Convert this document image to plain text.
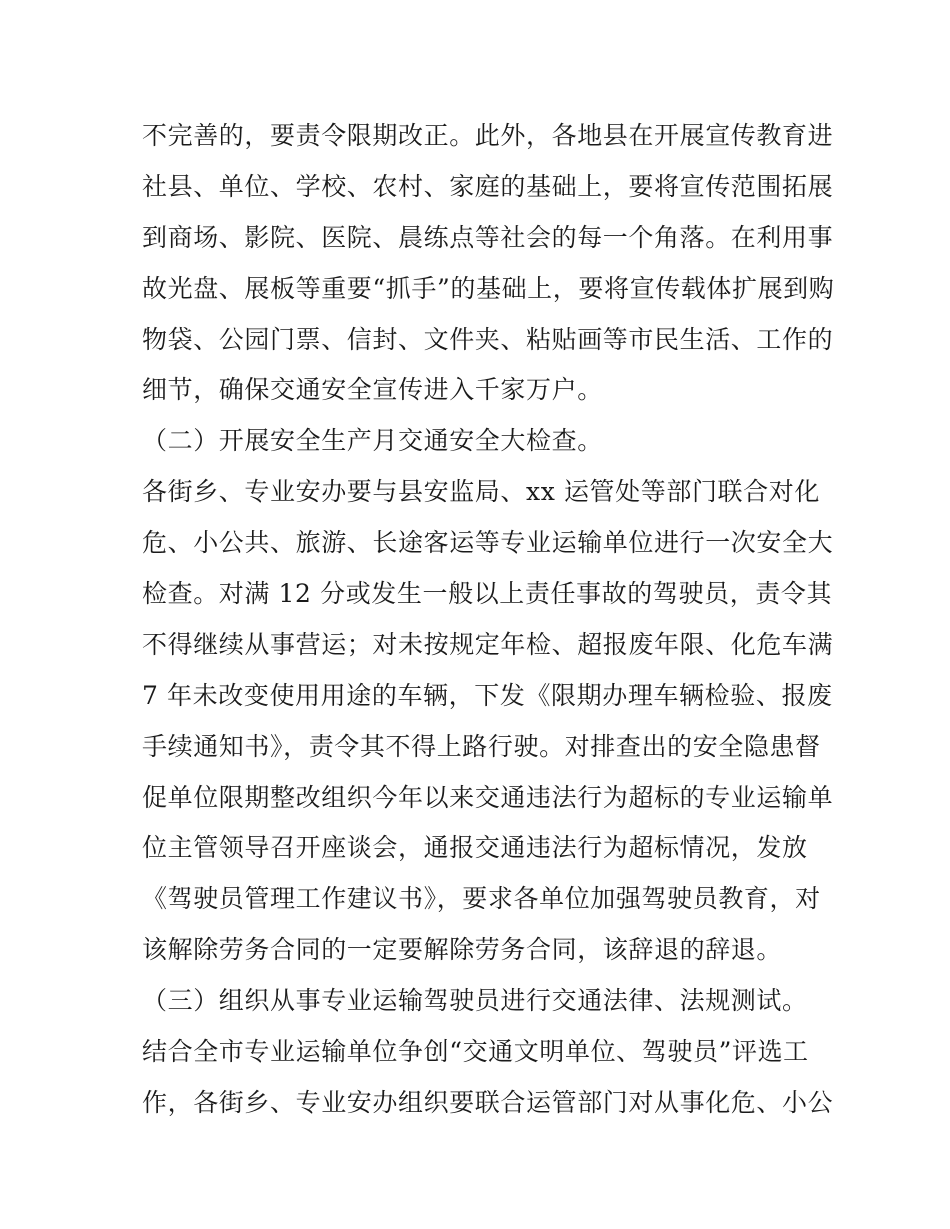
不完善的，要责令限期改正。此外，各地县在开展宣传教育进
社县、单位、学校、农村、家庭的基础上，要将宣传范围拓展
到商场、影院、医院、晨练点等社会的每一个角落。在利用事
故光盘、展板等重要“抓手”的基础上，要将宣传载体扩展到购
物袋、公园门票、信封、文件夹、粘贴画等市民生活、工作的
细节，确保交通安全宣传进入千家万户。
（二）开展安全生产月交通安全大检查。
各街乡、专业安办要与县安监局、xx 运管处等部门联合对化
危、小公共、旅游、长途客运等专业运输单位进行一次安全大
检查。对满 12 分或发生一般以上责任事故的驾驶员，责令其
不得继续从事营运；对未按规定年检、超报废年限、化危车满
7 年未改变使用用途的车辆，下发《限期办理车辆检验、报废
手续通知书》，责令其不得上路行驶。对排查出的安全隐患督
促单位限期整改组织今年以来交通违法行为超标的专业运输单
位主管领导召开座谈会，通报交通违法行为超标情况，发放
《驾驶员管理工作建议书》，要求各单位加强驾驶员教育，对
该解除劳务合同的一定要解除劳务合同，该辞退的辞退。
（三）组织从事专业运输驾驶员进行交通法律、法规测试。
结合全市专业运输单位争创“交通文明单位、驾驶员”评选工
作，各街乡、专业安办组织要联合运管部门对从事化危、小公
